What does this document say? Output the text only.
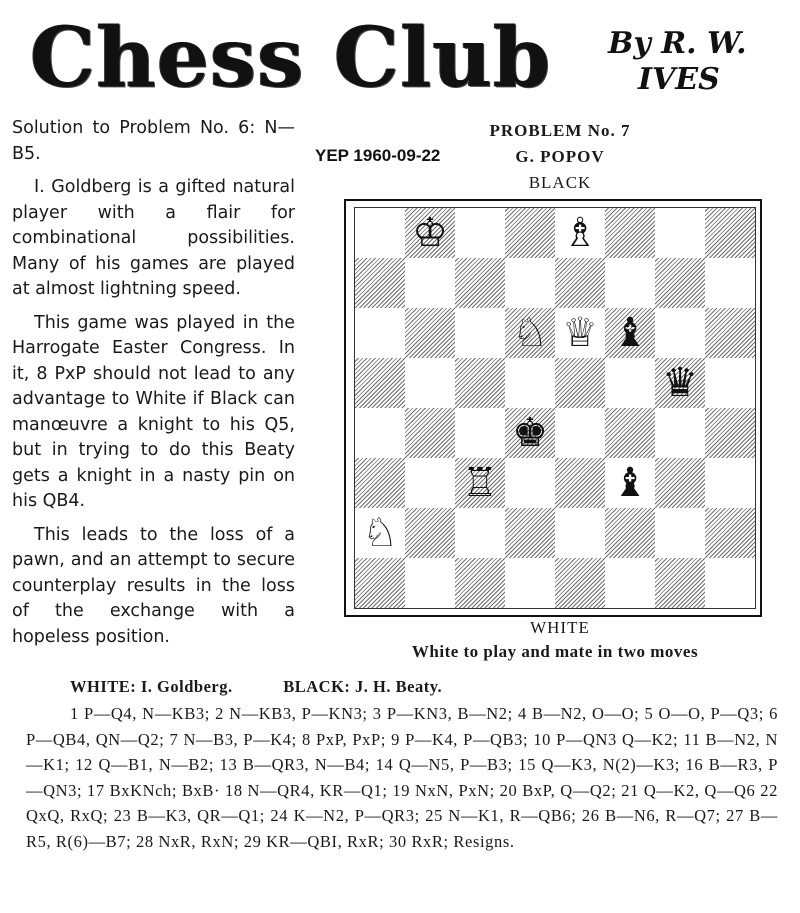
Chess Club By R. W.
IVES

Solution to Problem No. 6: N—B5.

I. Goldberg is a gifted natural player with a flair for combinational possibilities. Many of his games are played at almost lightning speed.

This game was played in the Harrogate Easter Congress. In it, 8 PxP should not lead to any advantage to White if Black can manœuvre a knight to his Q5, but in trying to do this Beaty gets a knight in a nasty pin on his QB4.

This leads to the loss of a pawn, and an attempt to secure counterplay results in the loss of the exchange with a hopeless position.

YEP 1960-09-22
PROBLEM No. 7
G. POPOV
BLACK
♔	♗
♘ ♕ ♝
♛
♚
♖	♝
♘
WHITE
White to play and mate in two moves
WHITE: I. Goldberg.	BLACK: J. H. Beaty.
1 P—Q4, N—KB3; 2 N—KB3, P—KN3; 3 P—KN3, B—N2; 4 B—N2, O—O; 5 O—O, P—Q3; 6 P—QB4, QN—Q2; 7 N—B3, P—K4; 8 PxP, PxP; 9 P—K4, P—QB3; 10 P—QN3 Q—K2; 11 B—N2, N—K1; 12 Q—B1, N—B2; 13 B—QR3, N—B4; 14 Q—N5, P—B3; 15 Q—K3, N(2)—K3; 16 B—R3, P—QN3; 17 BxKNch; BxB· 18 N—QR4, KR—Q1; 19 NxN, PxN; 20 BxP, Q—Q2; 21 Q—K2, Q—Q6 22 QxQ, RxQ; 23 B—K3, QR—Q1; 24 K—N2, P—QR3; 25 N—K1, R—QB6; 26 B—N6, R—Q7; 27 B—R5, R(6)—B7; 28 NxR, RxN; 29 KR—QBI, RxR; 30 RxR; Resigns.
